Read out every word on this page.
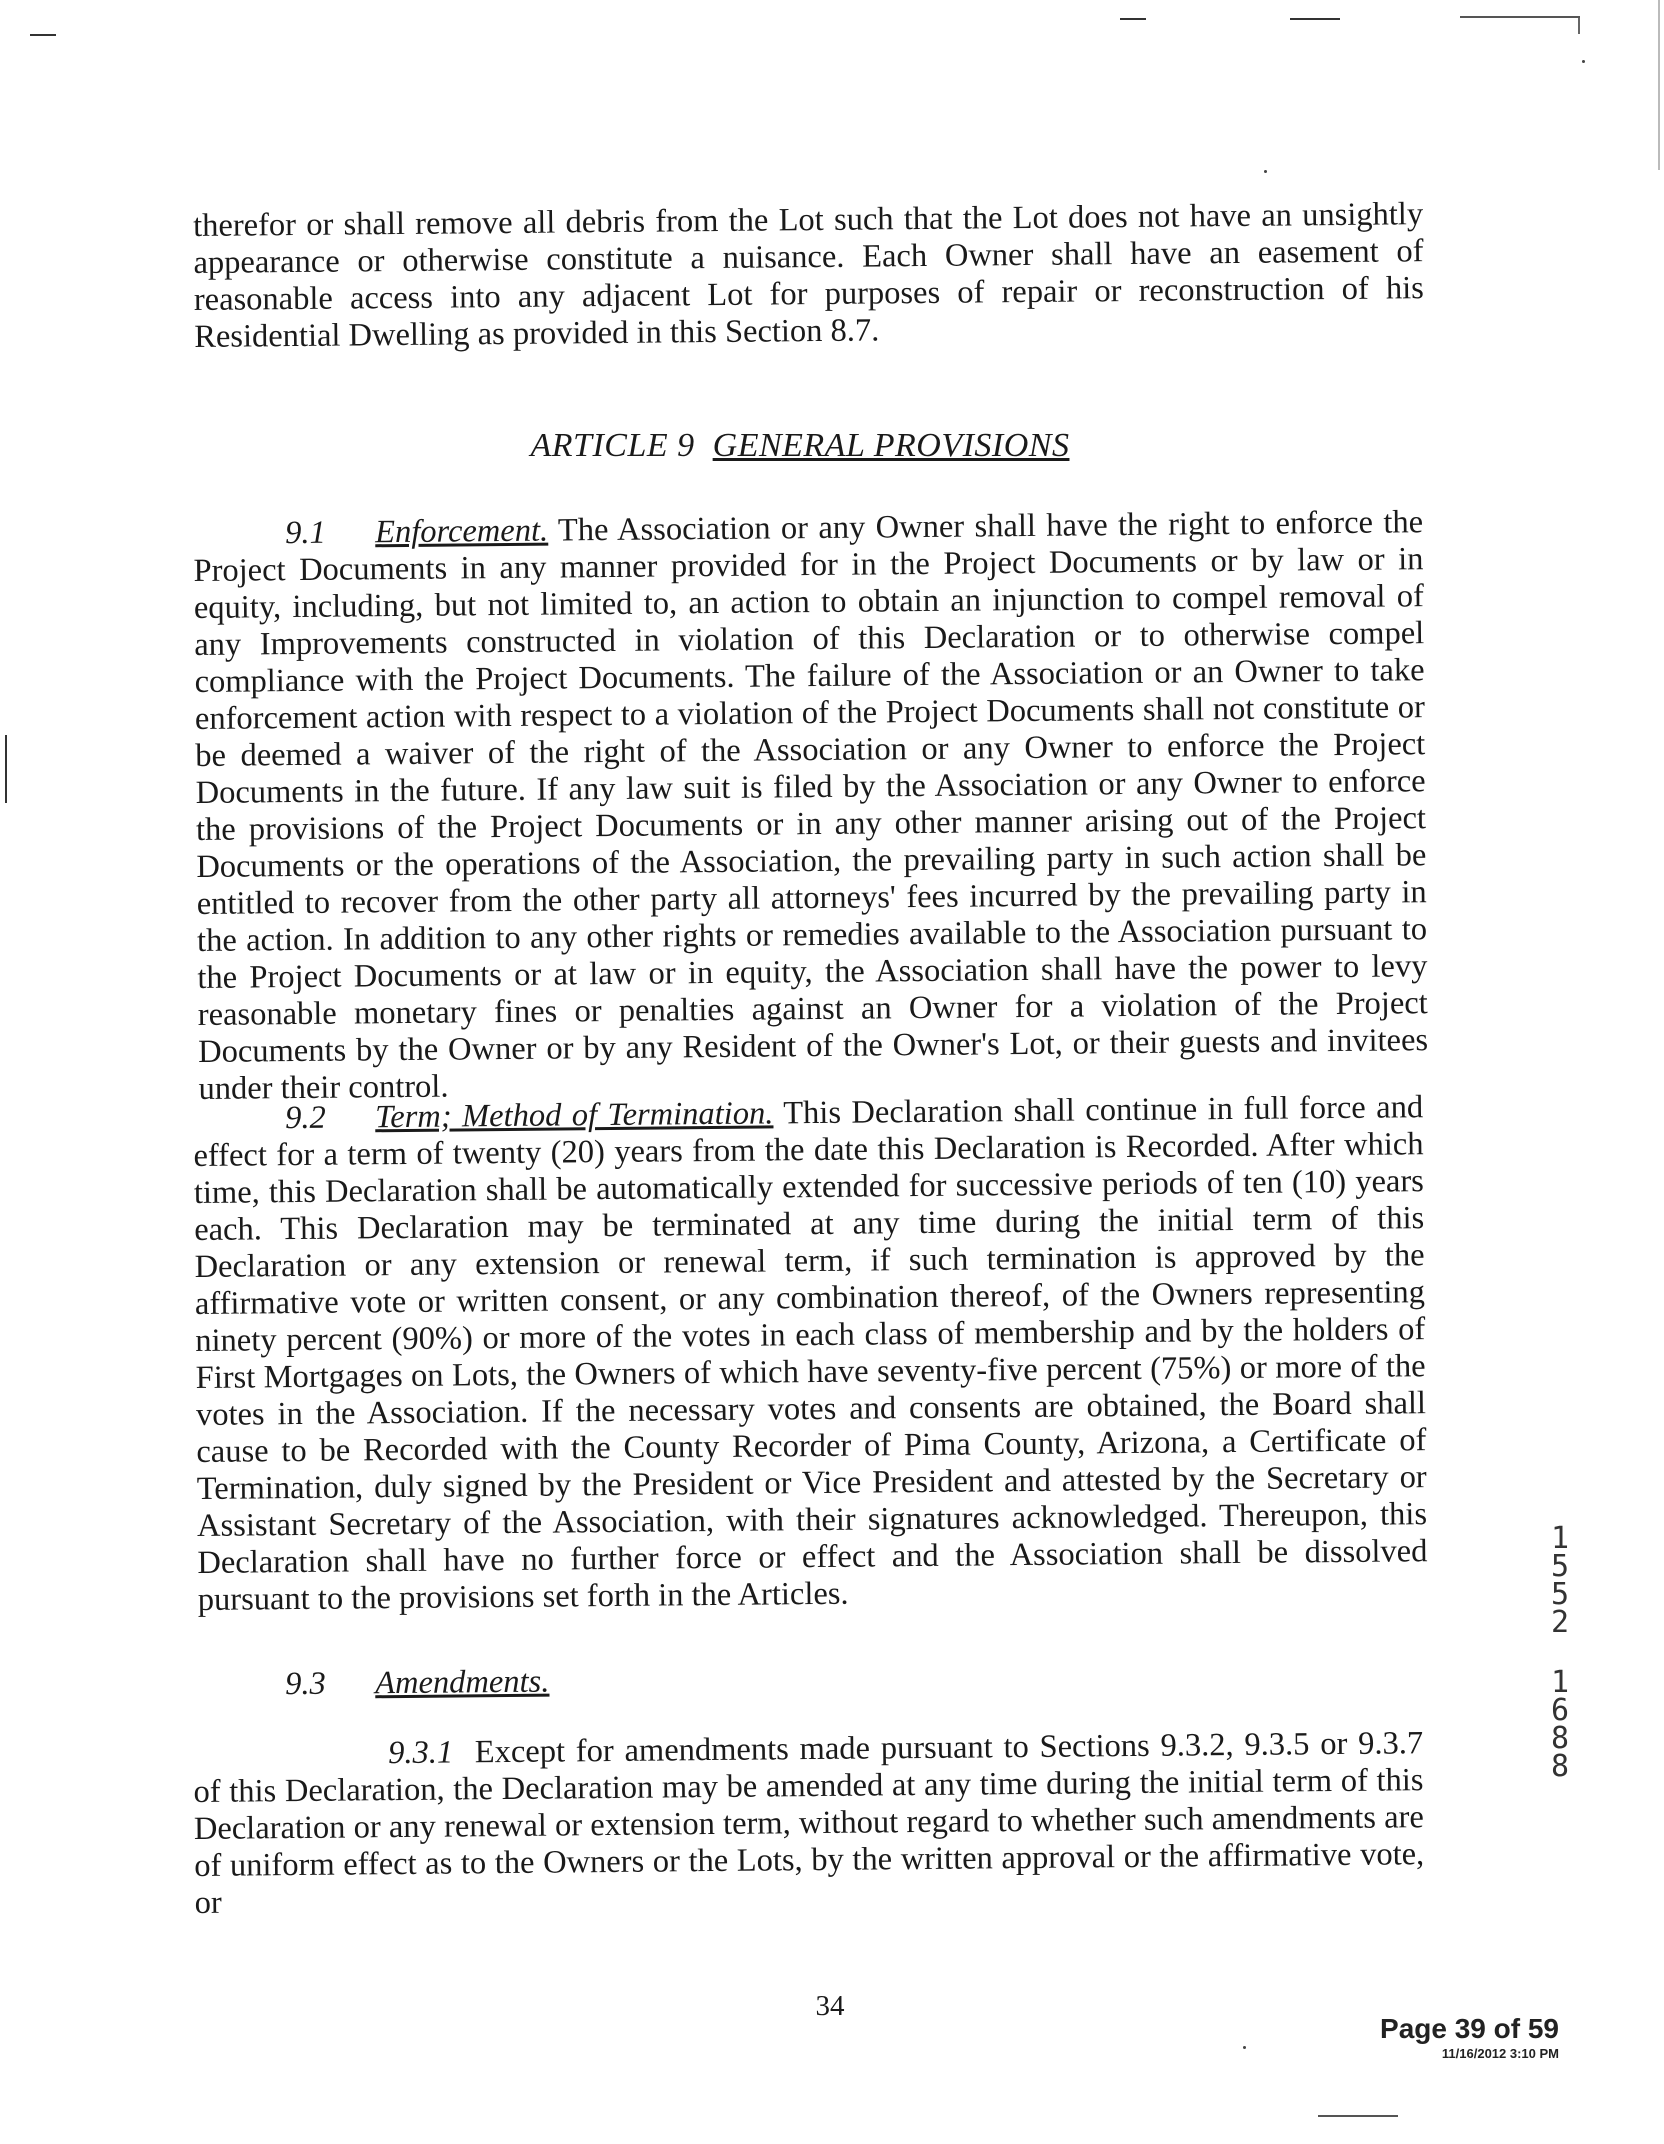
therefor or shall remove all debris from the Lot such that the Lot does not have an unsightly appearance or otherwise constitute a nuisance. Each Owner shall have an easement of reasonable access into any adjacent Lot for purposes of repair or reconstruction of his Residential Dwelling as provided in this Section 8.7.

ARTICLE 9 GENERAL PROVISIONS

9.1 Enforcement. The Association or any Owner shall have the right to enforce the Project Documents in any manner provided for in the Project Documents or by law or in equity, including, but not limited to, an action to obtain an injunction to compel removal of any Improvements constructed in violation of this Declaration or to otherwise compel compliance with the Project Documents. The failure of the Association or an Owner to take enforcement action with respect to a violation of the Project Documents shall not constitute or be deemed a waiver of the right of the Association or any Owner to enforce the Project Documents in the future. If any law suit is filed by the Association or any Owner to enforce the provisions of the Project Documents or in any other manner arising out of the Project Documents or the operations of the Association, the prevailing party in such action shall be entitled to recover from the other party all attorneys' fees incurred by the prevailing party in the action. In addition to any other rights or remedies available to the Association pursuant to the Project Documents or at law or in equity, the Association shall have the power to levy reasonable monetary fines or penalties against an Owner for a violation of the Project Documents by the Owner or by any Resident of the Owner's Lot, or their guests and invitees under their control.

9.2 Term; Method of Termination. This Declaration shall continue in full force and effect for a term of twenty (20) years from the date this Declaration is Recorded. After which time, this Declaration shall be automatically extended for successive periods of ten (10) years each. This Declaration may be terminated at any time during the initial term of this Declaration or any extension or renewal term, if such termination is approved by the affirmative vote or written consent, or any combination thereof, of the Owners representing ninety percent (90%) or more of the votes in each class of membership and by the holders of First Mortgages on Lots, the Owners of which have seventy-five percent (75%) or more of the votes in the Association. If the necessary votes and consents are obtained, the Board shall cause to be Recorded with the County Recorder of Pima County, Arizona, a Certificate of Termination, duly signed by the President or Vice President and attested by the Secretary or Assistant Secretary of the Association, with their signatures acknowledged. Thereupon, this Declaration shall have no further force or effect and the Association shall be dissolved pursuant to the provisions set forth in the Articles.

9.3 Amendments.

9.3.1 Except for amendments made pursuant to Sections 9.3.2, 9.3.5 or 9.3.7 of this Declaration, the Declaration may be amended at any time during the initial term of this Declaration or any renewal or extension term, without regard to whether such amendments are of uniform effect as to the Owners or the Lots, by the written approval or the affirmative vote, or

34
Page 39 of 59
11/16/2012 3:10 PM
1
5
5
2
1
6
8
8
